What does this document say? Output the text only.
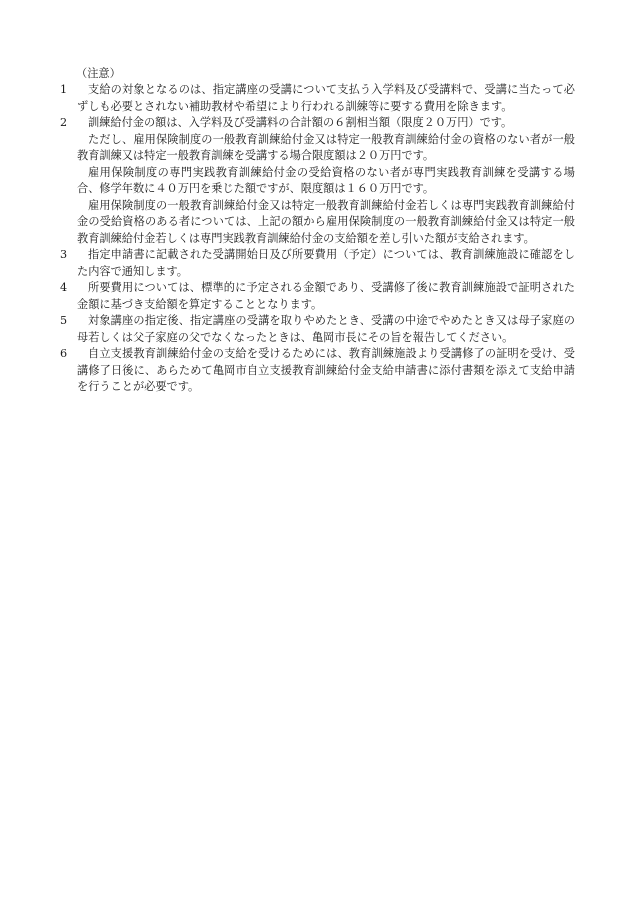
（注意）
1	支給の対象となるのは、指定講座の受講について支払う入学料及び受講料で、受講に当たって必ずしも必要とされない補助教材や希望により行われる訓練等に要する費用を除きます。

2	訓練給付金の額は、入学料及び受講料の合計額の６割相当額（限度２０万円）です。

ただし、雇用保険制度の一般教育訓練給付金又は特定一般教育訓練給付金の資格のない者が一般教育訓練又は特定一般教育訓練を受講する場合限度額は２０万円です。

雇用保険制度の専門実践教育訓練給付金の受給資格のない者が専門実践教育訓練を受講する場合、修学年数に４０万円を乗じた額ですが、限度額は１６０万円です。

雇用保険制度の一般教育訓練給付金又は特定一般教育訓練給付金若しくは専門実践教育訓練給付金の受給資格のある者については、上記の額から雇用保険制度の一般教育訓練給付金又は特定一般教育訓練給付金若しくは専門実践教育訓練給付金の支給額を差し引いた額が支給されます。

3	指定申請書に記載された受講開始日及び所要費用（予定）については、教育訓練施設に確認をした内容で通知します。

4	所要費用については、標準的に予定される金額であり、受講修了後に教育訓練施設で証明された金額に基づき支給額を算定することとなります。

5	対象講座の指定後、指定講座の受講を取りやめたとき、受講の中途でやめたとき又は母子家庭の母若しくは父子家庭の父でなくなったときは、亀岡市長にその旨を報告してください。

6	自立支援教育訓練給付金の支給を受けるためには、教育訓練施設より受講修了の証明を受け、受講修了日後に、あらためて亀岡市自立支援教育訓練給付金支給申請書に添付書類を添えて支給申請を行うことが必要です。
